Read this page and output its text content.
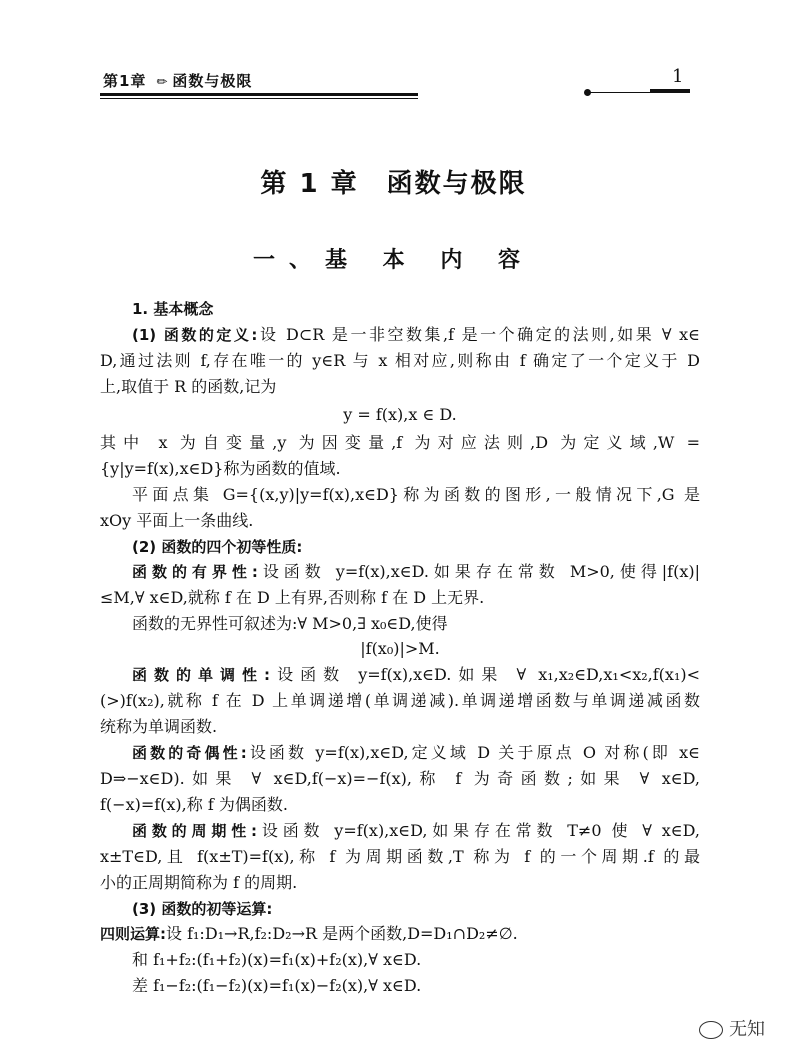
第1章 ✏ 函数与极限	1
第 1 章 函数与极限
一、基 本 内 容
1. 基本概念
(1) 函数的定义:设 D⊂R 是一非空数集,f 是一个确定的法则,如果 ∀ x∈
D,通过法则 f,存在唯一的 y∈R 与 x 相对应,则称由 f 确定了一个定义于 D
上,取值于 R 的函数,记为
y = f(x),x ∈ D.
其中 x 为自变量,y 为因变量,f 为对应法则,D 为定义域,W =
{y|y=f(x),x∈D}称为函数的值域.
平面点集 G={(x,y)|y=f(x),x∈D}称为函数的图形,一般情况下,G 是
xOy 平面上一条曲线.
(2) 函数的四个初等性质:
函数的有界性:设函数 y=f(x),x∈D.如果存在常数 M>0,使得|f(x)|
≤M,∀ x∈D,就称 f 在 D 上有界,否则称 f 在 D 上无界.
函数的无界性可叙述为:∀ M>0,∃ x₀∈D,使得
|f(x₀)|>M.
函数的单调性:设函数 y=f(x),x∈D.如果 ∀ x₁,x₂∈D,x₁<x₂,f(x₁)<
(>)f(x₂),就称 f 在 D 上单调递增(单调递减).单调递增函数与单调递减函数
统称为单调函数.
函数的奇偶性:设函数 y=f(x),x∈D,定义域 D 关于原点 O 对称(即 x∈
D⇒−x∈D).如果 ∀ x∈D,f(−x)=−f(x),称 f 为奇函数;如果 ∀ x∈D,
f(−x)=f(x),称 f 为偶函数.
函数的周期性:设函数 y=f(x),x∈D,如果存在常数 T≠0 使 ∀ x∈D,
x±T∈D,且 f(x±T)=f(x),称 f 为周期函数,T 称为 f 的一个周期.f 的最
小的正周期简称为 f 的周期.
(3) 函数的初等运算:
四则运算:设 f₁:D₁→R,f₂:D₂→R 是两个函数,D=D₁∩D₂≠∅.
和 f₁+f₂:(f₁+f₂)(x)=f₁(x)+f₂(x),∀ x∈D.
差 f₁−f₂:(f₁−f₂)(x)=f₁(x)−f₂(x),∀ x∈D.
无知
